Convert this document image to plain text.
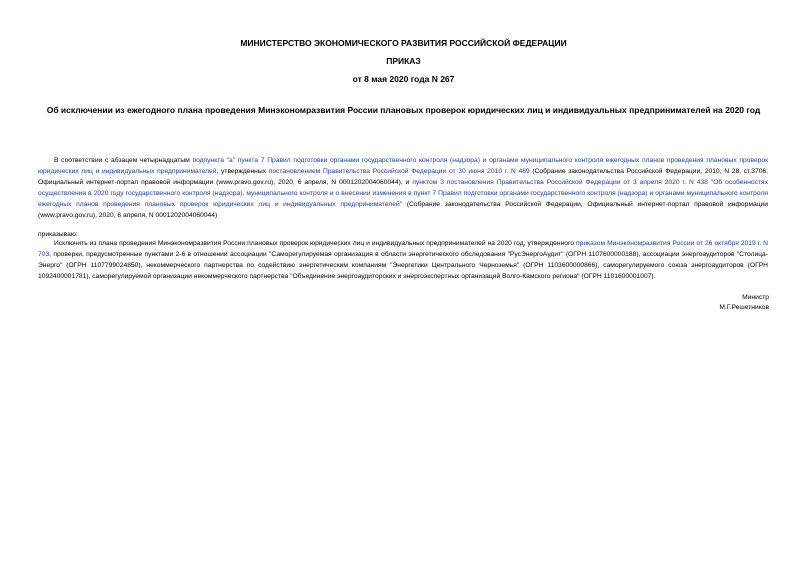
МИНИСТЕРСТВО ЭКОНОМИЧЕСКОГО РАЗВИТИЯ РОССИЙСКОЙ ФЕДЕРАЦИИ
ПРИКАЗ
от 8 мая 2020 года N 267
Об исключении из ежегодного плана проведения Минэкономразвития России плановых проверок юридических лиц и индивидуальных предпринимателей на 2020 год
В соответствии с абзацем четырнадцатым подпункта "а" пункта 7 Правил подготовки органами государственного контроля (надзора) и органами муниципального контроля ежегодных планов проведения плановых проверок юридических лиц и индивидуальных предпринимателей, утвержденных постановлением Правительства Российской Федерации от 30 июня 2010 г. N 489 (Собрание законодательства Российской Федерации, 2010, N 28, ст.3706; Официальный интернет-портал правовой информации (www.pravo.gov.ru), 2020, 6 апреля, N 0001202004060044), и пунктом 3 постановления Правительства Российской Федерации от 3 апреля 2020 г. N 438 "Об особенностях осуществления в 2020 году государственного контроля (надзора), муниципального контроля и о внесении изменения в пункт 7 Правил подготовки органами государственного контроля (надзора) и органами муниципального контроля ежегодных планов проведения плановых проверок юридических лиц и индивидуальных предпринимателей" (Собрание законодательства Российской Федерации, Официальный интернет-портал правовой информации (www.pravo.gov.ru), 2020, 6 апреля, N 0001202004060044)
приказываю:
Исключить из плана проведения Минэкономразвития России плановых проверок юридических лиц и индивидуальных предпринимателей на 2020 год, утвержденного приказом Минэкономразвития России от 26 октября 2019 г. N 703, проверки, предусмотренные пунктами 2-6 в отношении ассоциации "Саморегулируемая организация в области энергетического обследования "РусЭнергоАудит" (ОГРН 1107600000188), ассоциации энергоаудиторов "Столица-Энерго" (ОГРН 1107799024850), некоммерческого партнерства по содействию энергетическим компаниям "Энергетики Центрального Черноземья" (ОГРН 1103600000866), саморегулируемого союза энергоаудиторов (ОГРН 1092400001781), саморегулируемой организации некоммерческого партнерства "Объединение энергоаудиторских и энергоэкспертных организаций Волго-Камского региона" (ОГРН 1101600001007).
Министр
М.Г.Решетников
